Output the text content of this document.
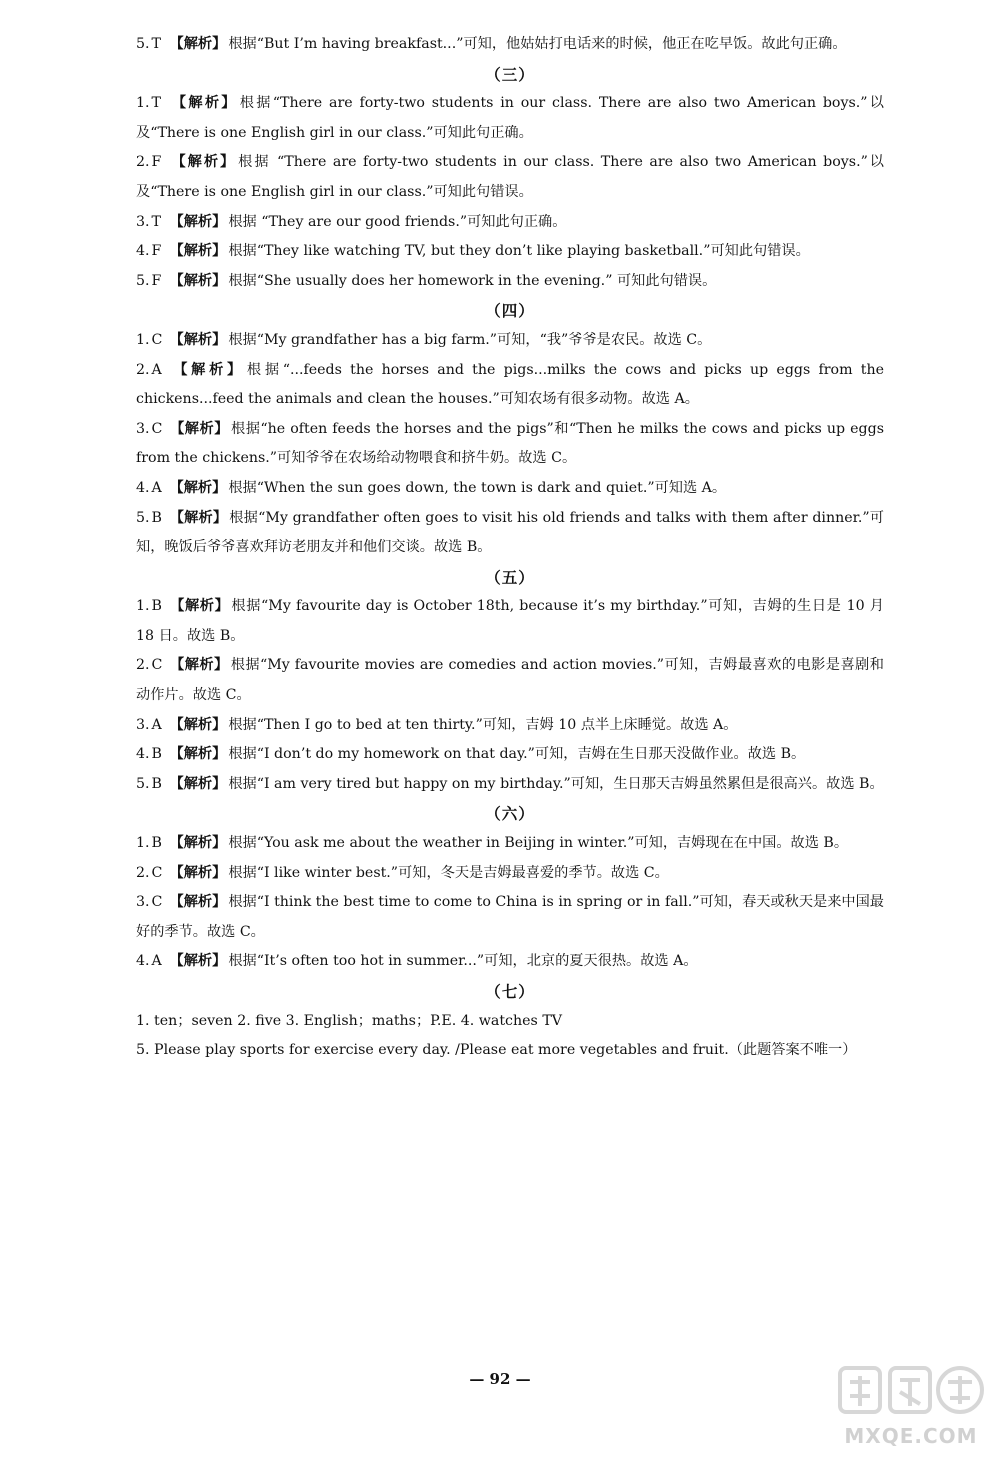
5. T 【解析】 根据“But I’m having breakfast...”可知，他姑姑打电话来的时候，他正在吃早饭。故此句正确。
（三）
1. T 【解析】 根据“There are forty-two students in our class. There are also two American boys.”以及“There is one English girl in our class.”可知此句正确。
2. F 【解析】 根据 “There are forty-two students in our class. There are also two American boys.”以及“There is one English girl in our class.”可知此句错误。
3. T 【解析】 根据 “They are our good friends.”可知此句正确。
4. F 【解析】 根据“They like watching TV, but they don’t like playing basketball.”可知此句错误。
5. F 【解析】 根据“She usually does her homework in the evening.” 可知此句错误。
（四）
1. C 【解析】 根据“My grandfather has a big farm.”可知，“我”爷爷是农民。故选 C。
2. A 【解析】 根据“...feeds the horses and the pigs...milks the cows and picks up eggs from the chickens...feed the animals and clean the houses.”可知农场有很多动物。故选 A。
3. C 【解析】 根据“he often feeds the horses and the pigs”和“Then he milks the cows and picks up eggs from the chickens.”可知爷爷在农场给动物喂食和挤牛奶。故选 C。
4. A 【解析】 根据“When the sun goes down, the town is dark and quiet.”可知选 A。
5. B 【解析】 根据“My grandfather often goes to visit his old friends and talks with them after dinner.”可知，晚饭后爷爷喜欢拜访老朋友并和他们交谈。故选 B。
（五）
1. B 【解析】 根据“My favourite day is October 18th, because it’s my birthday.”可知，吉姆的生日是 10 月 18 日。故选 B。
2. C 【解析】 根据“My favourite movies are comedies and action movies.”可知，吉姆最喜欢的电影是喜剧和动作片。故选 C。
3. A 【解析】 根据“Then I go to bed at ten thirty.”可知，吉姆 10 点半上床睡觉。故选 A。
4. B 【解析】 根据“I don’t do my homework on that day.”可知，吉姆在生日那天没做作业。故选 B。
5. B 【解析】 根据“I am very tired but happy on my birthday.”可知，生日那天吉姆虽然累但是很高兴。故选 B。
（六）
1. B 【解析】 根据“You ask me about the weather in Beijing in winter.”可知，吉姆现在在中国。故选 B。
2. C 【解析】 根据“I like winter best.”可知，冬天是吉姆最喜爱的季节。故选 C。
3. C 【解析】 根据“I think the best time to come to China is in spring or in fall.”可知，春天或秋天是来中国最好的季节。故选 C。
4. A 【解析】 根据“It’s often too hot in summer...”可知，北京的夏天很热。故选 A。
（七）
1. ten；seven 2. five 3. English；maths；P.E. 4. watches TV
5. Please play sports for exercise every day. /Please eat more vegetables and fruit.（此题答案不唯一）
— 92 —
MXQE.COM
